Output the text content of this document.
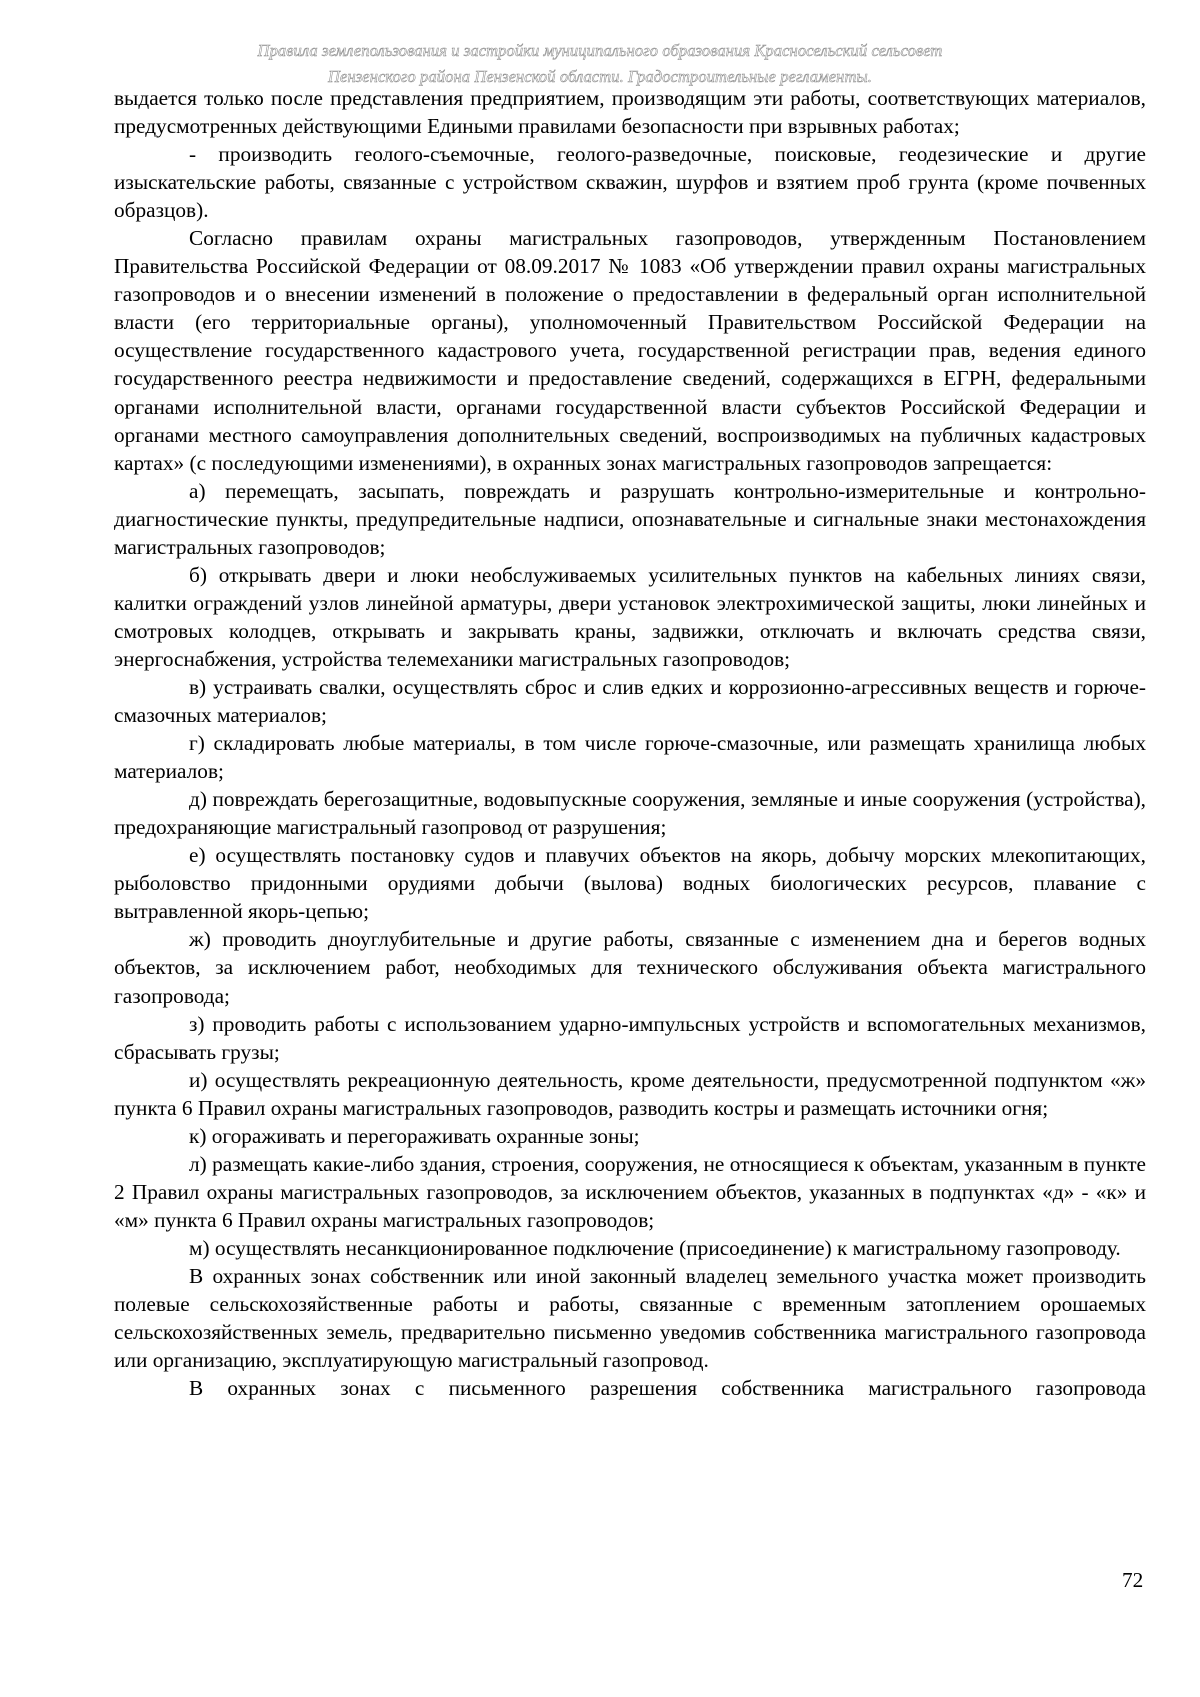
Правила землепользования и застройки муниципального образования Красносельский сельсовет
Пензенского района Пензенской области. Градостроительные регламенты.

выдается только после представления предприятием, производящим эти работы, соответствующих материалов, предусмотренных действующими Едиными правилами безопасности при взрывных работах;

- производить геолого-съемочные, геолого-разведочные, поисковые, геодезические и другие изыскательские работы, связанные с устройством скважин, шурфов и взятием проб грунта (кроме почвенных образцов).

Согласно правилам охраны магистральных газопроводов, утвержденным Постановлением Правительства Российской Федерации от 08.09.2017 № 1083 «Об утверждении правил охраны магистральных газопроводов и о внесении изменений в положение о предоставлении в федеральный орган исполнительной власти (его территориальные органы), уполномоченный Правительством Российской Федерации на осуществление государственного кадастрового учета, государственной регистрации прав, ведения единого государственного реестра недвижимости и предоставление сведений, содержащихся в ЕГРН, федеральными органами исполнительной власти, органами государственной власти субъектов Российской Федерации и органами местного самоуправления дополнительных сведений, воспроизводимых на публичных кадастровых картах» (с последующими изменениями), в охранных зонах магистральных газопроводов запрещается:

а) перемещать, засыпать, повреждать и разрушать контрольно-измерительные и контрольно-диагностические пункты, предупредительные надписи, опознавательные и сигнальные знаки местонахождения магистральных газопроводов;

б) открывать двери и люки необслуживаемых усилительных пунктов на кабельных линиях связи, калитки ограждений узлов линейной арматуры, двери установок электрохимической защиты, люки линейных и смотровых колодцев, открывать и закрывать краны, задвижки, отключать и включать средства связи, энергоснабжения, устройства телемеханики магистральных газопроводов;

в) устраивать свалки, осуществлять сброс и слив едких и коррозионно-агрессивных веществ и горюче-смазочных материалов;

г) складировать любые материалы, в том числе горюче-смазочные, или размещать хранилища любых материалов;

д) повреждать берегозащитные, водовыпускные сооружения, земляные и иные сооружения (устройства), предохраняющие магистральный газопровод от разрушения;

е) осуществлять постановку судов и плавучих объектов на якорь, добычу морских млекопитающих, рыболовство придонными орудиями добычи (вылова) водных биологических ресурсов, плавание с вытравленной якорь-цепью;

ж) проводить дноуглубительные и другие работы, связанные с изменением дна и берегов водных объектов, за исключением работ, необходимых для технического обслуживания объекта магистрального газопровода;

з) проводить работы с использованием ударно-импульсных устройств и вспомогательных механизмов, сбрасывать грузы;

и) осуществлять рекреационную деятельность, кроме деятельности, предусмотренной подпунктом «ж» пункта 6 Правил охраны магистральных газопроводов, разводить костры и размещать источники огня;

к) огораживать и перегораживать охранные зоны;

л) размещать какие-либо здания, строения, сооружения, не относящиеся к объектам, указанным в пункте 2 Правил охраны магистральных газопроводов, за исключением объектов, указанных в подпунктах «д» - «к» и «м» пункта 6 Правил охраны магистральных газопроводов;

м) осуществлять несанкционированное подключение (присоединение) к магистральному газопроводу.

В охранных зонах собственник или иной законный владелец земельного участка может производить полевые сельскохозяйственные работы и работы, связанные с временным затоплением орошаемых сельскохозяйственных земель, предварительно письменно уведомив собственника магистрального газопровода или организацию, эксплуатирующую магистральный газопровод.

В охранных зонах с письменного разрешения собственника магистрального газопровода

72
